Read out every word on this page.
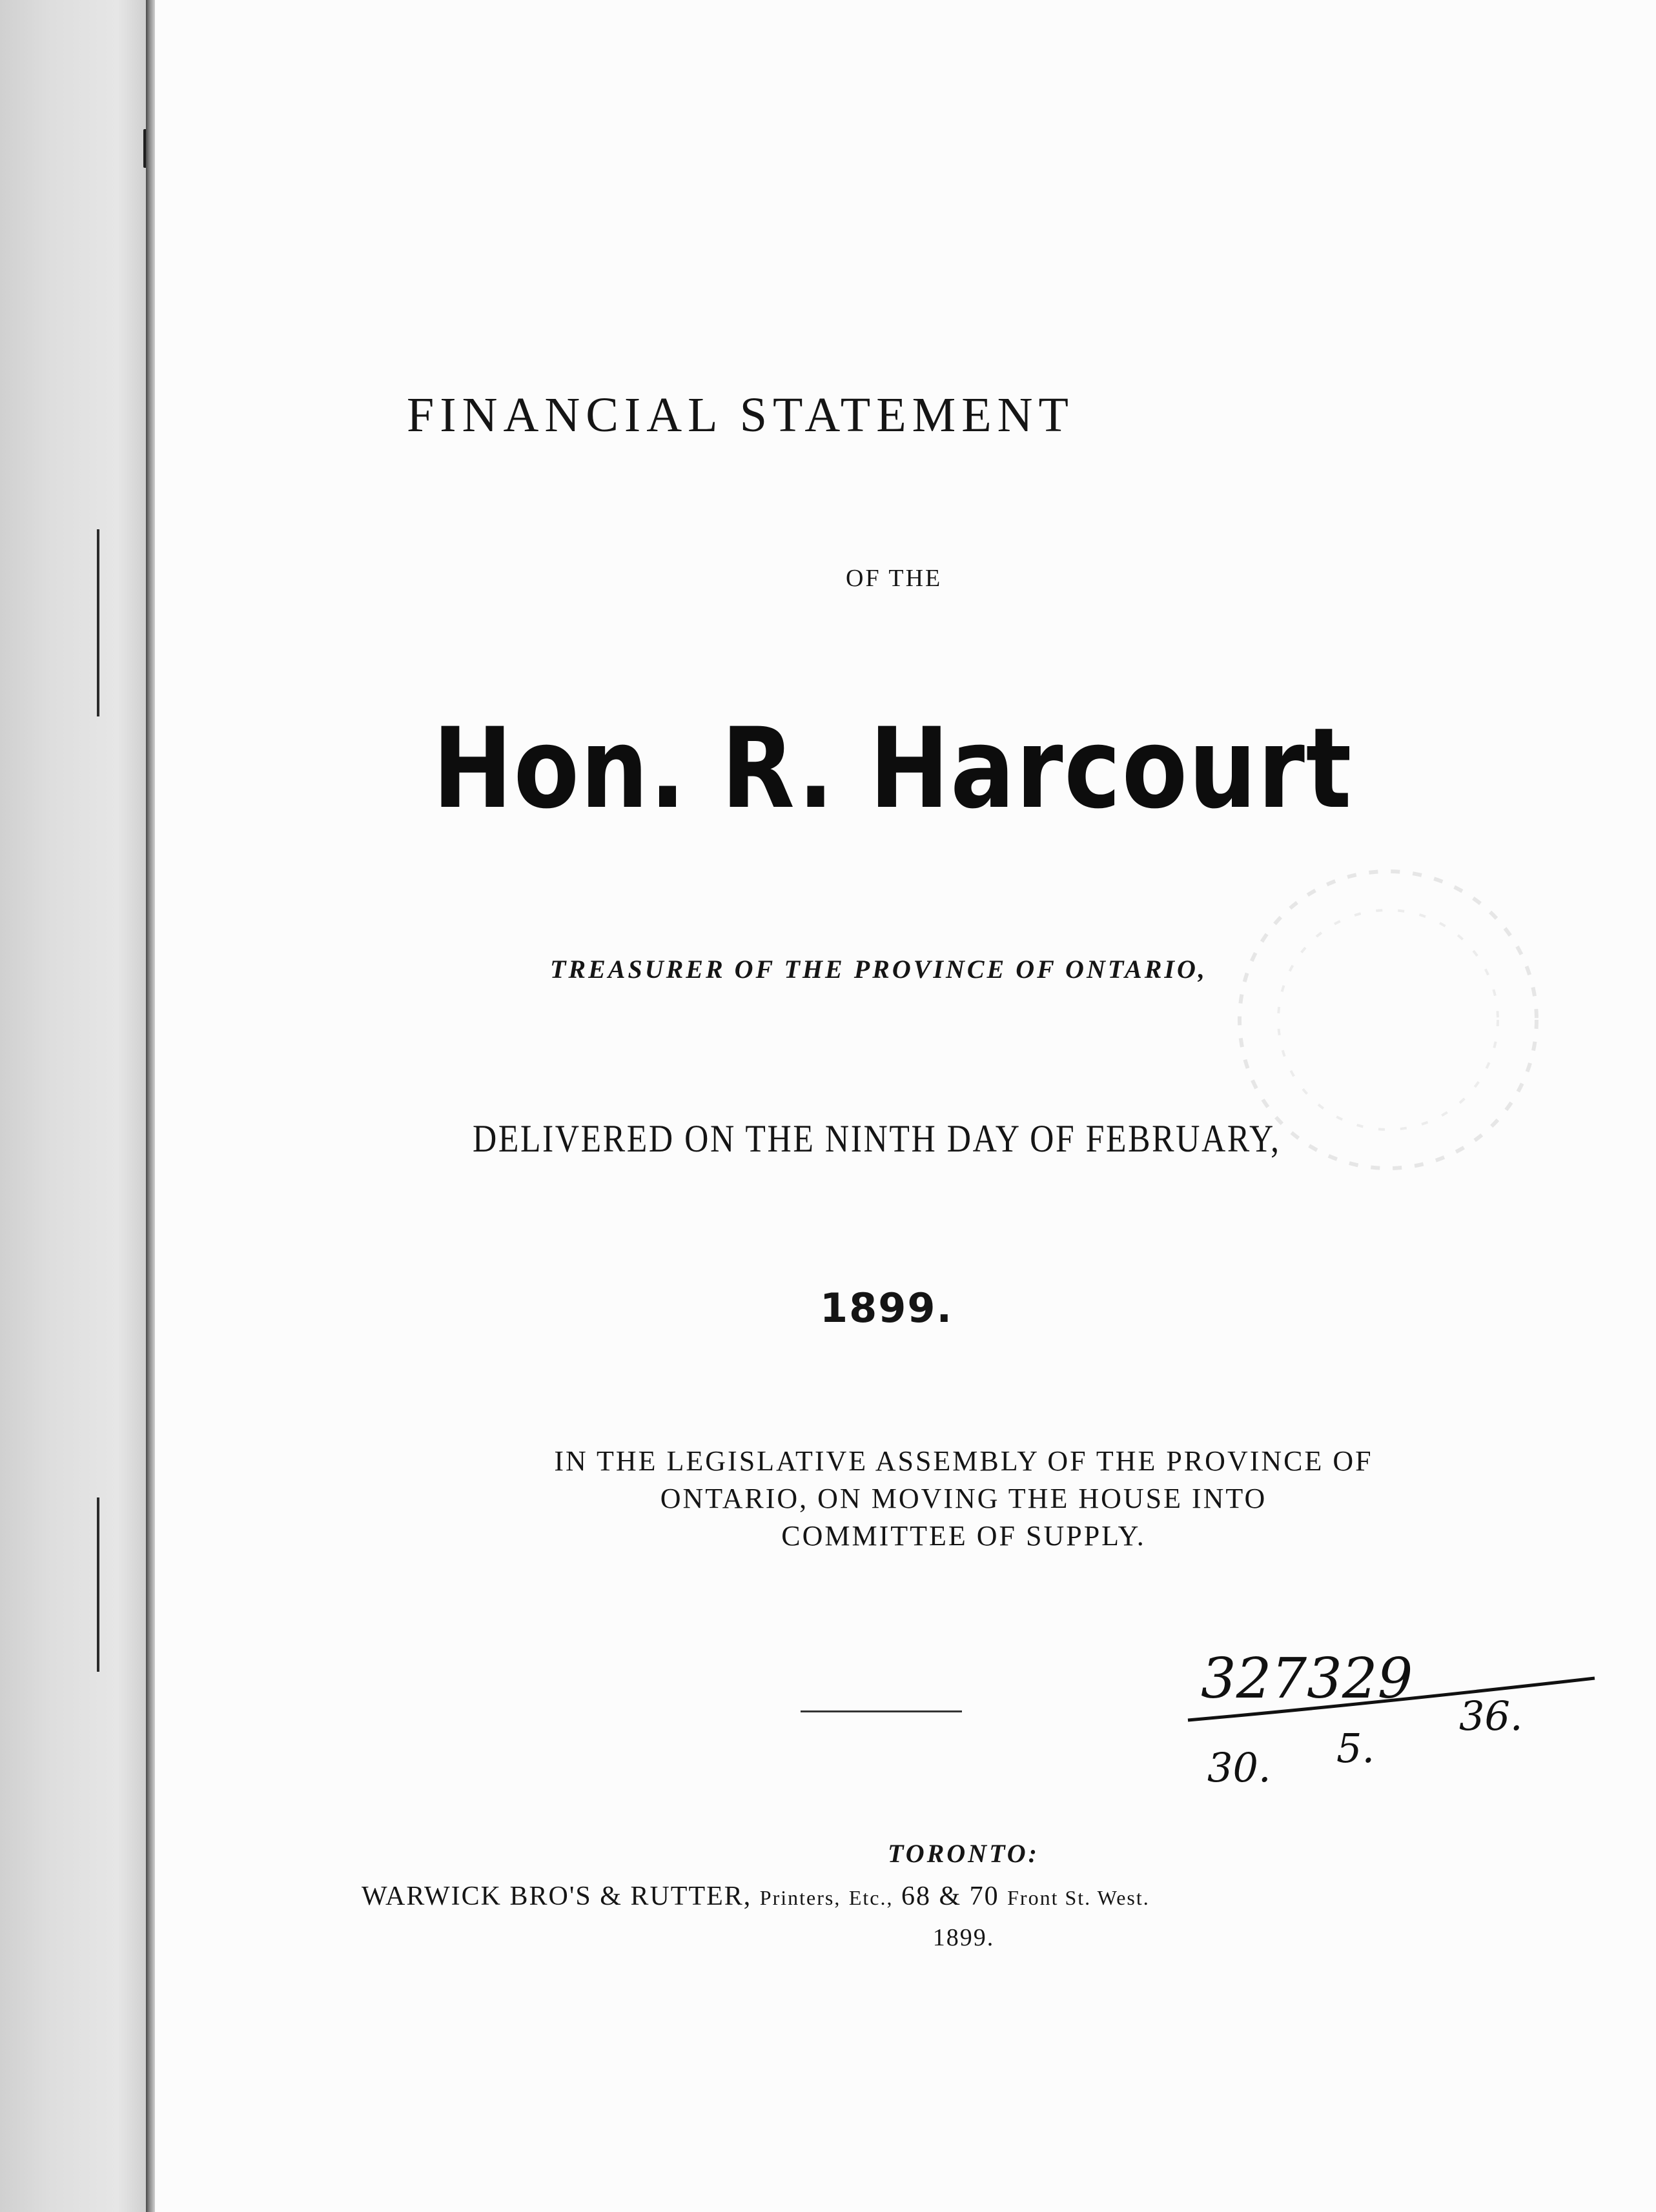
FINANCIAL STATEMENT
OF THE
Hon. R. Harcourt
TREASURER OF THE PROVINCE OF ONTARIO,
DELIVERED ON THE NINTH DAY OF FEBRUARY,
1899.
IN THE LEGISLATIVE ASSEMBLY OF THE PROVINCE OF
ONTARIO, ON MOVING THE HOUSE INTO
COMMITTEE OF SUPPLY.
327329
30. 5.
36.
TORONTO:
WARWICK BRO'S & RUTTER, Printers, Etc., 68 & 70 Front St. West.
1899.
